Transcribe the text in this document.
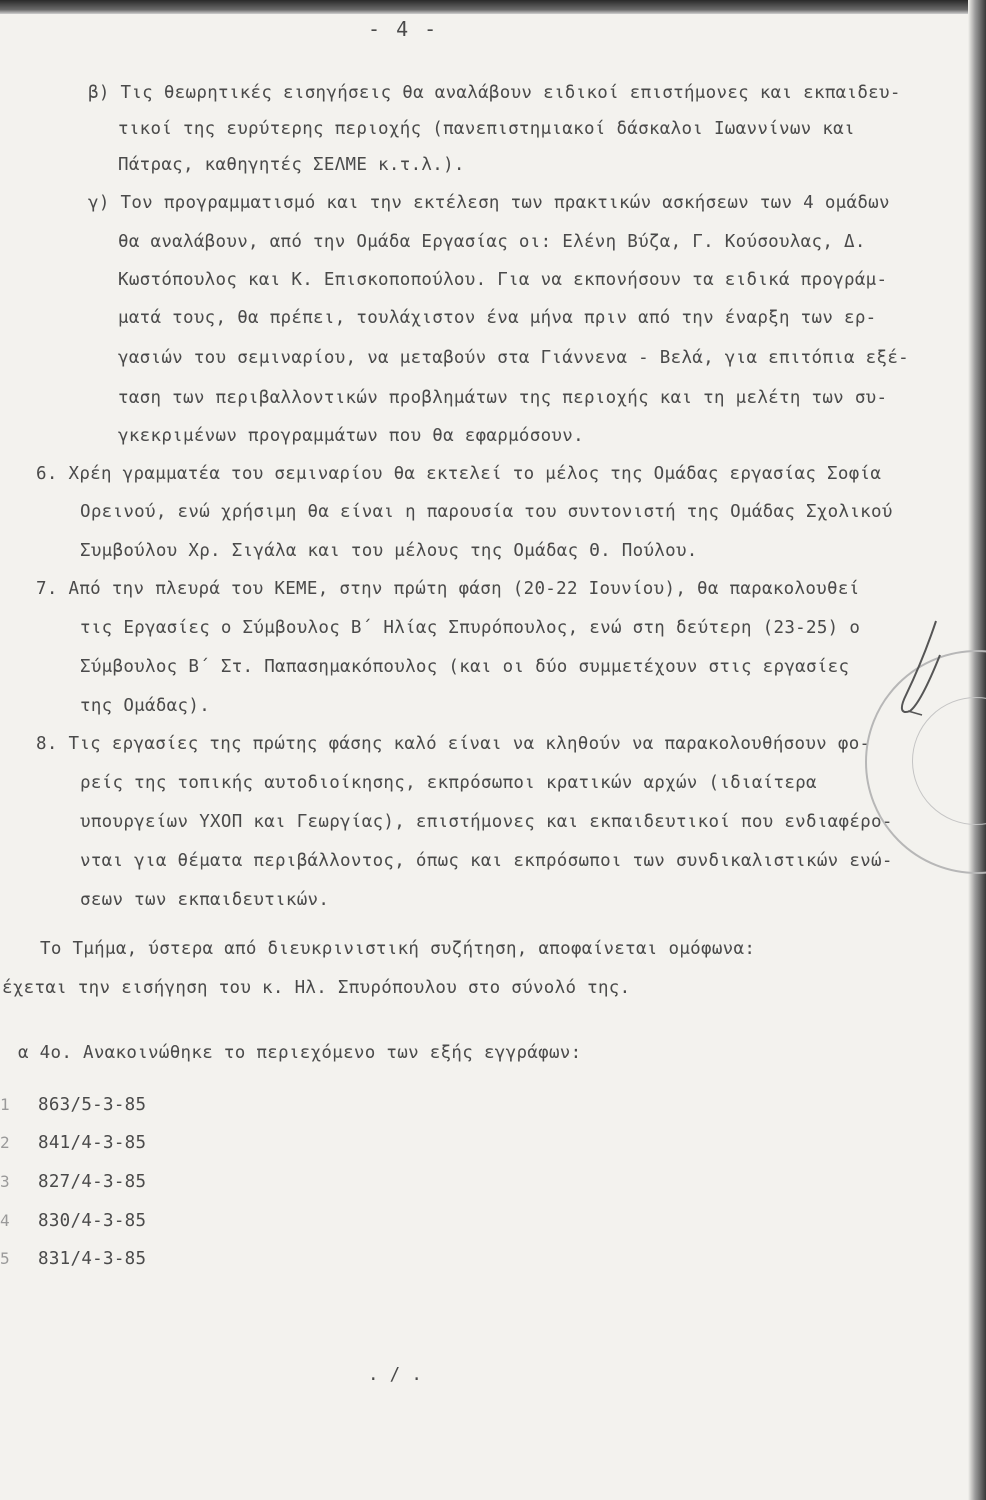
- 4 -
β) Τις θεωρητικές εισηγήσεις θα αναλάβουν ειδικοί επιστήμονες και εκπαιδευ-
τικοί της ευρύτερης περιοχής (πανεπιστημιακοί δάσκαλοι Ιωαννίνων και
Πάτρας, καθηγητές ΣΕΛΜΕ κ.τ.λ.).
γ) Τον προγραμματισμό και την εκτέλεση των πρακτικών ασκήσεων των 4 ομάδων
θα αναλάβουν, από την Ομάδα Εργασίας οι: Ελένη Βύζα, Γ. Κούσουλας, Δ.
Κωστόπουλος και Κ. Επισκοποπούλου. Για να εκπονήσουν τα ειδικά προγράμ-
ματά τους, θα πρέπει, τουλάχιστον ένα μήνα πριν από την έναρξη των ερ-
γασιών του σεμιναρίου, να μεταβούν στα Γιάννενα - Βελά, για επιτόπια εξέ-
ταση των περιβαλλοντικών προβλημάτων της περιοχής και τη μελέτη των συ-
γκεκριμένων προγραμμάτων που θα εφαρμόσουν.
6. Χρέη γραμματέα του σεμιναρίου θα εκτελεί το μέλος της Ομάδας εργασίας Σοφία
Ορεινού, ενώ χρήσιμη θα είναι η παρουσία του συντονιστή της Ομάδας Σχολικού
Συμβούλου Χρ. Σιγάλα και του μέλους της Ομάδας Θ. Πούλου.
7. Από την πλευρά του ΚΕΜΕ, στην πρώτη φάση (20-22 Ιουνίου), θα παρακολουθεί
τις Εργασίες ο Σύμβουλος Β΄ Ηλίας Σπυρόπουλος, ενώ στη δεύτερη (23-25) ο
Σύμβουλος Β΄ Στ. Παπασημακόπουλος (και οι δύο συμμετέχουν στις εργασίες
της Ομάδας).
8. Τις εργασίες της πρώτης φάσης καλό είναι να κληθούν να παρακολουθήσουν φο-
ρείς της τοπικής αυτοδιοίκησης, εκπρόσωποι κρατικών αρχών (ιδιαίτερα
υπουργείων ΥΧΟΠ και Γεωργίας), επιστήμονες και εκπαιδευτικοί που ενδιαφέρο-
νται για θέματα περιβάλλοντος, όπως και εκπρόσωποι των συνδικαλιστικών ενώ-
σεων των εκπαιδευτικών.
Το Τμήμα, ύστερα από διευκρινιστική συζήτηση, αποφαίνεται ομόφωνα:
έχεται την εισήγηση του κ. Ηλ. Σπυρόπουλου στο σύνολό της.
α 4ο. Ανακοινώθηκε το περιεχόμενο των εξής εγγράφων:
1 863/5-3-85
2 841/4-3-85
3 827/4-3-85
4 830/4-3-85
5 831/4-3-85
. / .
